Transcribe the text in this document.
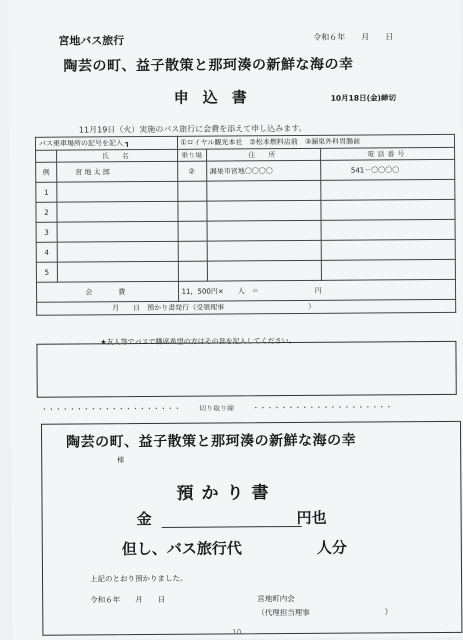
宮地バス旅行	令和６年　　月　　日
陶芸の町、益子散策と那珂湊の新鮮な海の幸
申込書	10月18日(金)締切
11月19日（火）実施のバス旅行に会費を添えて申し込みます。
バス乗車場所の記号を記入 ┓		①ロイヤル観光本社　②松本燃料店前　③漏巣外科胃腸前		
	氏　名	乗り場	住　所	電話番号
例	宮 地 太 郎	②	漏巣市宮地〇〇〇〇	541－〇〇〇〇
1				
2				
3				
4				
5				
会　　費		11，500円×　　人　＝　　　　　　　　円		
月　　日　預かり書発行（受領理事　　　　　　　　　　　　）				
★友人等でバスで購席希望の方はその旨を記入してください。
・・・・・・・・・・・・・・・・・・・・	切り取り線	・・・・・・・・・・・・・・・・・・・・
陶芸の町、益子散策と那珂湊の新鮮な海の幸
様
預かり書
金	円也
但し、バス旅行代	人分
上記のとおり預かりました。
令和６年　　月　　日	宮地町内会
（代理担当理事　　　　　　　　　　）
10
